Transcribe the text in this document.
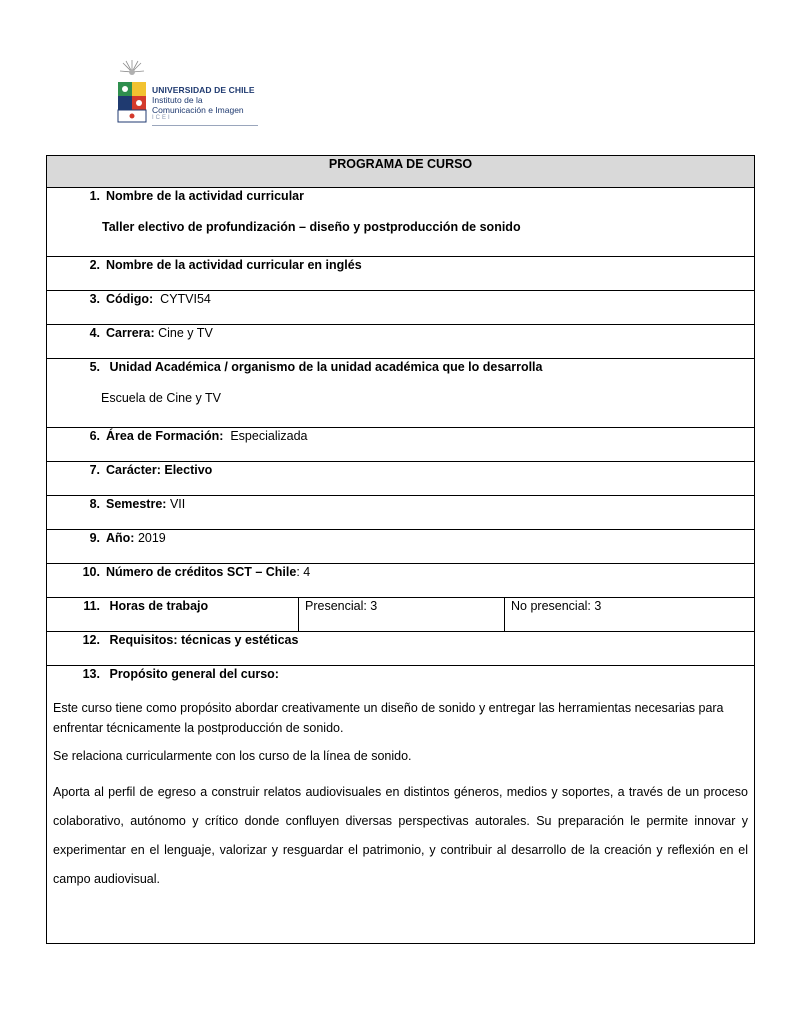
UNIVERSIDAD DE CHILE
Instituto de la
Comunicación e Imagen
ICEI
PROGRAMA DE CURSO

1. Nombre de la actividad curricular
Taller electivo de profundización – diseño y postproducción de sonido

2. Nombre de la actividad curricular en inglés
3. Código: CYTVI54
4. Carrera: Cine y TV

5. Unidad Académica / organismo de la unidad académica que lo desarrolla
Escuela de Cine y TV

6. Área de Formación: Especializada
7. Carácter: Electivo
8. Semestre: VII
9. Año: 2019
10. Número de créditos SCT – Chile: 4
11. Horas de trabajo	Presencial: 3	No presencial: 3
12. Requisitos: técnicas y estéticas

13. Propósito general del curso:
Este curso tiene como propósito abordar creativamente un diseño de sonido y entregar las herramientas necesarias para enfrentar técnicamente la postproducción de sonido.
Se relaciona curricularmente con los curso de la línea de sonido.
Aporta al perfil de egreso a construir relatos audiovisuales en distintos géneros, medios y soportes, a través de un proceso colaborativo, autónomo y crítico donde confluyen diversas perspectivas autorales. Su preparación le permite innovar y experimentar en el lenguaje, valorizar y resguardar el patrimonio, y contribuir al desarrollo de la creación y reflexión en el campo audiovisual.
